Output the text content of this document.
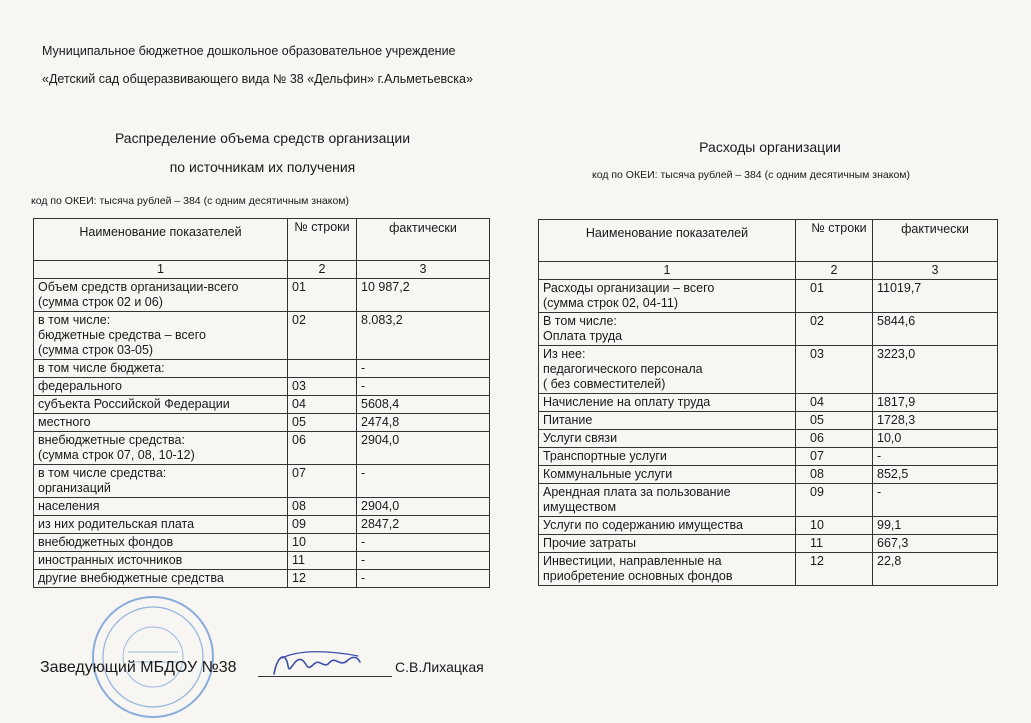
Муниципальное бюджетное дошкольное образовательное учреждение
«Детский сад общеразвивающего вида № 38 «Дельфин» г.Альметьевска»
Распределение объема средств организации
по источникам их получения
код по ОКЕИ: тысяча рублей – 384 (с одним десятичным знаком)
Расходы организации
код по ОКЕИ: тысяча рублей – 384 (с одним десятичным знаком)
Наименование показателей	№ строки	фактически
1	2	3
Объем средств организации-всего
(сумма строк 02 и 06)	01	10 987,2
в том числе:
бюджетные средства – всего
(сумма строк 03-05)	02	8.083,2
в том числе бюджета:		-
федерального	03	-
субъекта Российской Федерации	04	5608,4
местного	05	2474,8
внебюджетные средства:
(сумма строк 07, 08, 10-12)	06	2904,0
в том числе средства:
организаций	07	-
населения	08	2904,0
из них родительская плата	09	2847,2
внебюджетных фондов	10	-
иностранных источников	11	-
другие внебюджетные средства	12	-
Наименование показателей	№ строки	фактически
1	2	3
Расходы организации – всего
(сумма строк 02, 04-11)	01	11019,7
В том числе:
Оплата труда	02	5844,6
Из нее:
педагогического персонала
( без совместителей)	03	3223,0
Начисление на оплату труда	04	1817,9
Питание	05	1728,3
Услуги связи	06	10,0
Транспортные услуги	07	-
Коммунальные услуги	08	852,5
Арендная плата за пользование
имуществом	09	-
Услуги по содержанию имущества	10	99,1
Прочие затраты	11	667,3
Инвестиции, направленные на
приобретение основных фондов	12	22,8
Заведующий МБДОУ №38	С.В.Лихацкая
